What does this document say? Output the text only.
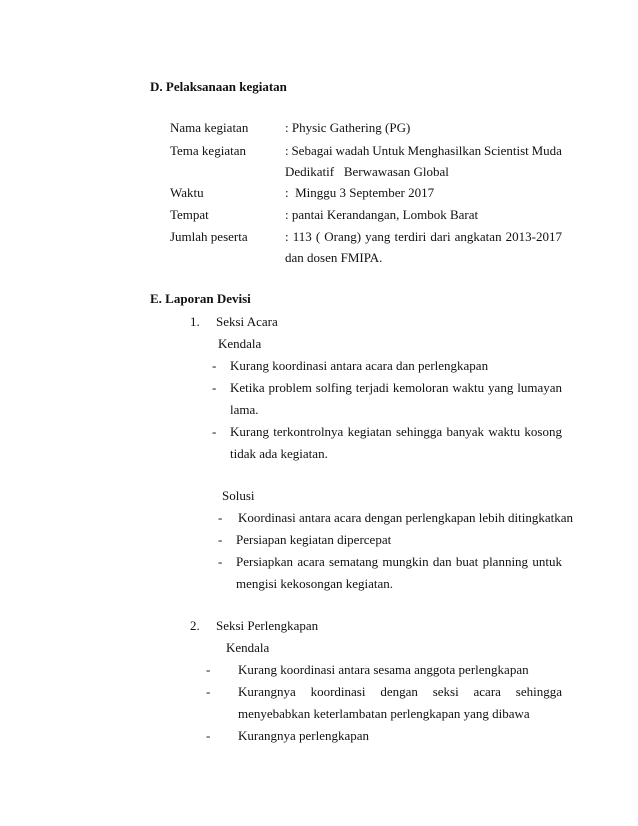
D. Pelaksanaan kegiatan
Nama kegiatan	: Physic Gathering (PG)
Tema kegiatan	: Sebagai wadah Untuk Menghasilkan Scientist Muda
Dedikatif   Berwawasan Global
Waktu	:  Minggu 3 September 2017
Tempat	: pantai Kerandangan, Lombok Barat
Jumlah peserta	: 113 ( Orang) yang terdiri dari angkatan 2013-2017
dan dosen FMIPA.
E. Laporan Devisi
1. Seksi Acara
Kendala
- Kurang koordinasi antara acara dan perlengkapan
- Ketika problem solfing terjadi kemoloran waktu yang lumayan
lama.
- Kurang terkontrolnya kegiatan sehingga banyak waktu kosong
tidak ada kegiatan.
Solusi
- Koordinasi antara acara dengan perlengkapan lebih ditingkatkan
- Persiapan kegiatan dipercepat
- Persiapkan acara sematang mungkin dan buat planning untuk
mengisi kekosongan kegiatan.
2. Seksi Perlengkapan
Kendala
- Kurang koordinasi antara sesama anggota perlengkapan
- Kurangnya koordinasi dengan seksi acara sehingga
menyebabkan keterlambatan perlengkapan yang dibawa
- Kurangnya perlengkapan
